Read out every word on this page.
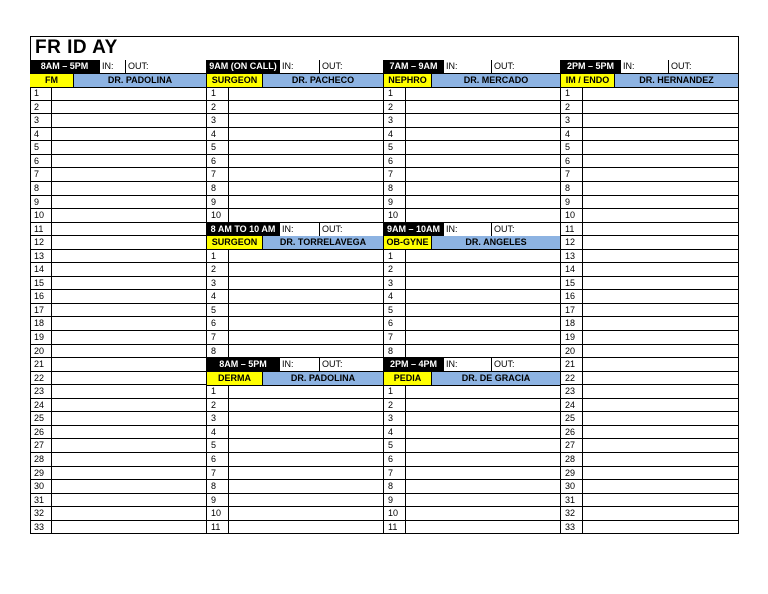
FR ID AY
8AM – 5PM	IN:	OUT:
FM	DR. PADOLINA
1
2
3
4
5
6
7
8
9
10
11
12
13
14
15
16
17
18
19
20
21
22
23
24
25
26
27
28
29
30
31
32
33
9AM (ON CALL) IN:	OUT:
SURGEON	DR. PACHECO
1
2
3
4
5
6
7
8
9
10
7AM – 9AM IN:	OUT:
NEPHRO	DR. MERCADO
1
2
3
4
5
6
7
8
9
10
2PM – 5PM IN:	OUT:
IM / ENDO	DR. HERNANDEZ
1
2
3
4
5
6
7
8
9
10
11
12
13
14
15
16
17
18
19
20
21
22
23
24
25
26
27
28
29
30
31
32
33
8 AM TO 10 AM IN:	OUT:
SURGEON	DR. TORRELAVEGA
1
2
3
4
5
6
7
8
9AM – 10AM IN:	OUT:
OB-GYNE	DR. ANGELES
1
2
3
4
5
6
7
8
8AM – 5PM	IN:	OUT:
DERMA	DR. PADOLINA
1
2
3
4
5
6
7
8
9
10
11
2PM – 4PM IN:	OUT:
PEDIA	DR. DE GRACIA
1
2
3
4
5
6
7
8
9
10
11
